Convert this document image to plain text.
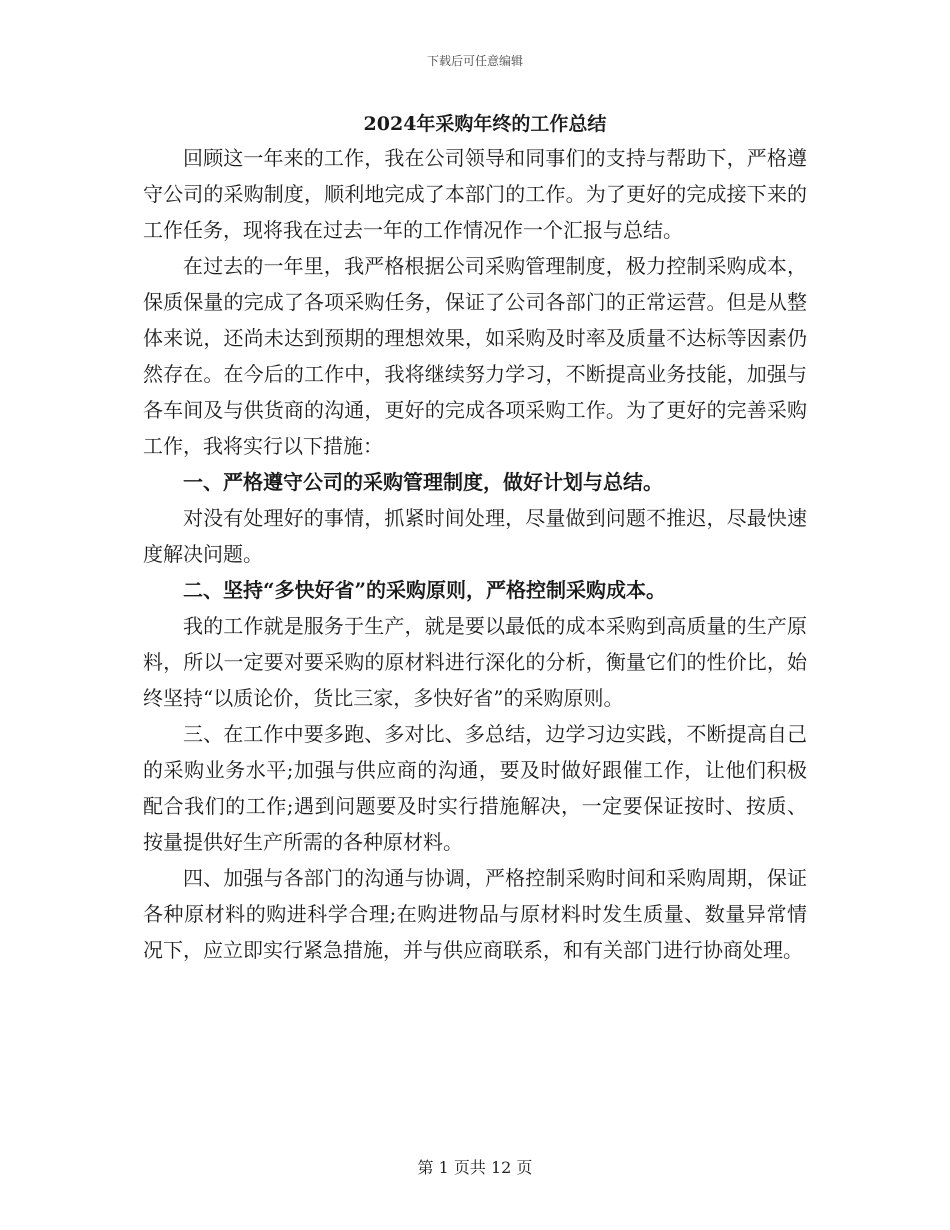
下载后可任意编辑
2024年采购年终的工作总结

回顾这一年来的工作，我在公司领导和同事们的支持与帮助下，严格遵守公司的采购制度，顺利地完成了本部门的工作。为了更好的完成接下来的工作任务，现将我在过去一年的工作情况作一个汇报与总结。

在过去的一年里，我严格根据公司采购管理制度，极力控制采购成本，保质保量的完成了各项采购任务，保证了公司各部门的正常运营。但是从整体来说，还尚未达到预期的理想效果，如采购及时率及质量不达标等因素仍然存在。在今后的工作中，我将继续努力学习，不断提高业务技能，加强与各车间及与供货商的沟通，更好的完成各项采购工作。为了更好的完善采购工作，我将实行以下措施：

一、严格遵守公司的采购管理制度，做好计划与总结。

对没有处理好的事情，抓紧时间处理，尽量做到问题不推迟，尽最快速度解决问题。

二、坚持“多快好省”的采购原则，严格控制采购成本。

我的工作就是服务于生产，就是要以最低的成本采购到高质量的生产原料，所以一定要对要采购的原材料进行深化的分析，衡量它们的性价比，始终坚持“以质论价，货比三家，多快好省”的采购原则。

三、在工作中要多跑、多对比、多总结，边学习边实践，不断提高自己的采购业务水平;加强与供应商的沟通，要及时做好跟催工作，让他们积极配合我们的工作;遇到问题要及时实行措施解决，一定要保证按时、按质、按量提供好生产所需的各种原材料。

四、加强与各部门的沟通与协调，严格控制采购时间和采购周期，保证各种原材料的购进科学合理;在购进物品与原材料时发生质量、数量异常情况下，应立即实行紧急措施，并与供应商联系，和有关部门进行协商处理。

第 1 页共 12 页
